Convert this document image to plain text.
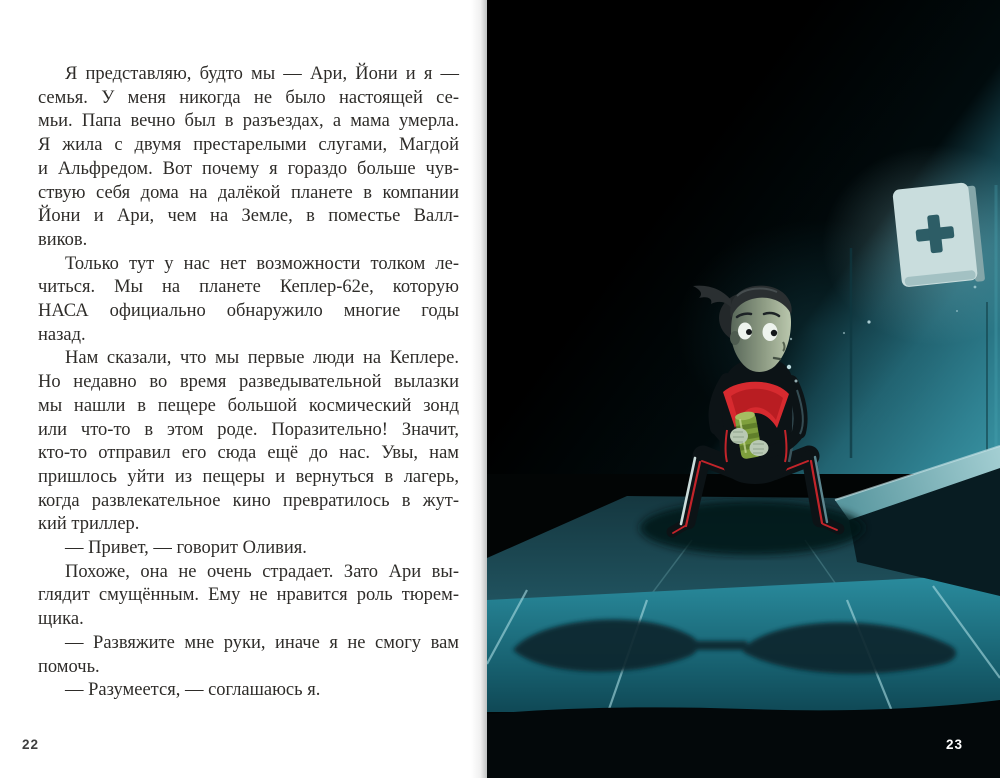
Я представляю, будто мы — Ари, Йони и я —
семья. У меня никогда не было настоящей се-
мьи. Папа вечно был в разъездах, а мама умерла.
Я жила с двумя престарелыми слугами, Магдой
и Альфредом. Вот почему я гораздо больше чув-
ствую себя дома на далёкой планете в компании
Йони и Ари, чем на Земле, в поместье Валл-
виков.
Только тут у нас нет возможности толком ле-
читься. Мы на планете Кеплер-62е, которую
НАСА официально обнаружило многие годы
назад.
Нам сказали, что мы первые люди на Кеплере.
Но недавно во время разведывательной вылазки
мы нашли в пещере большой космический зонд
или что-то в этом роде. Поразительно! Значит,
кто-то отправил его сюда ещё до нас. Увы, нам
пришлось уйти из пещеры и вернуться в лагерь,
когда развлекательное кино превратилось в жут-
кий триллер.
— Привет, — говорит Оливия.
Похоже, она не очень страдает. Зато Ари вы-
глядит смущённым. Ему не нравится роль тюрем-
щика.
— Развяжите мне руки, иначе я не смогу вам
помочь.
— Разумеется, — соглашаюсь я.
22	23
